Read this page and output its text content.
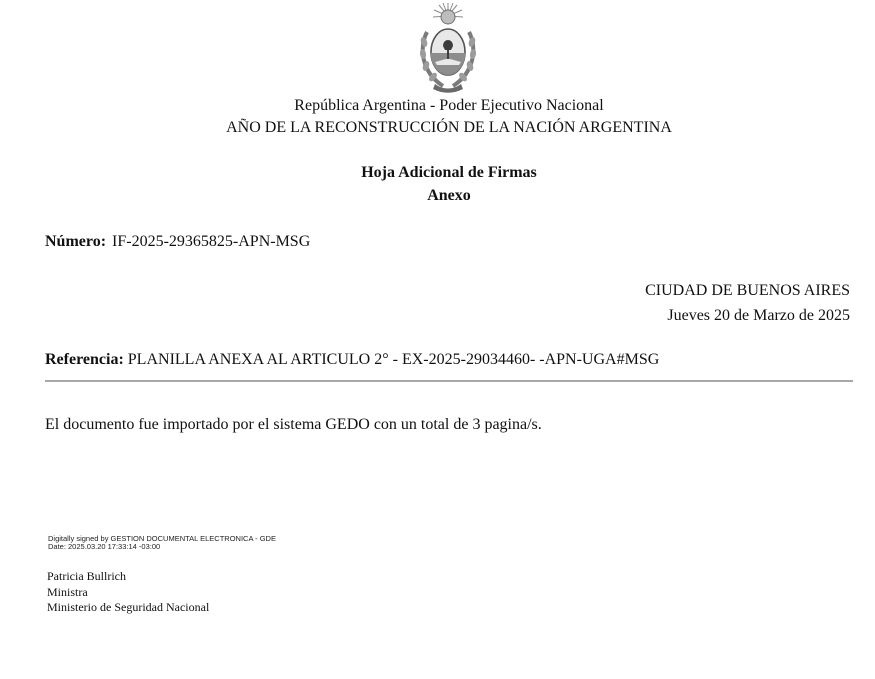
República Argentina - Poder Ejecutivo Nacional
AÑO DE LA RECONSTRUCCIÓN DE LA NACIÓN ARGENTINA
Hoja Adicional de Firmas
Anexo
Número: IF-2025-29365825-APN-MSG
CIUDAD DE BUENOS AIRES
Jueves 20 de Marzo de 2025
Referencia: PLANILLA ANEXA AL ARTICULO 2° - EX-2025-29034460- -APN-UGA#MSG
El documento fue importado por el sistema GEDO con un total de 3 pagina/s.
Digitally signed by GESTION DOCUMENTAL ELECTRONICA - GDE
Date: 2025.03.20 17:33:14 -03:00
Patricia Bullrich
Ministra
Ministerio de Seguridad Nacional
